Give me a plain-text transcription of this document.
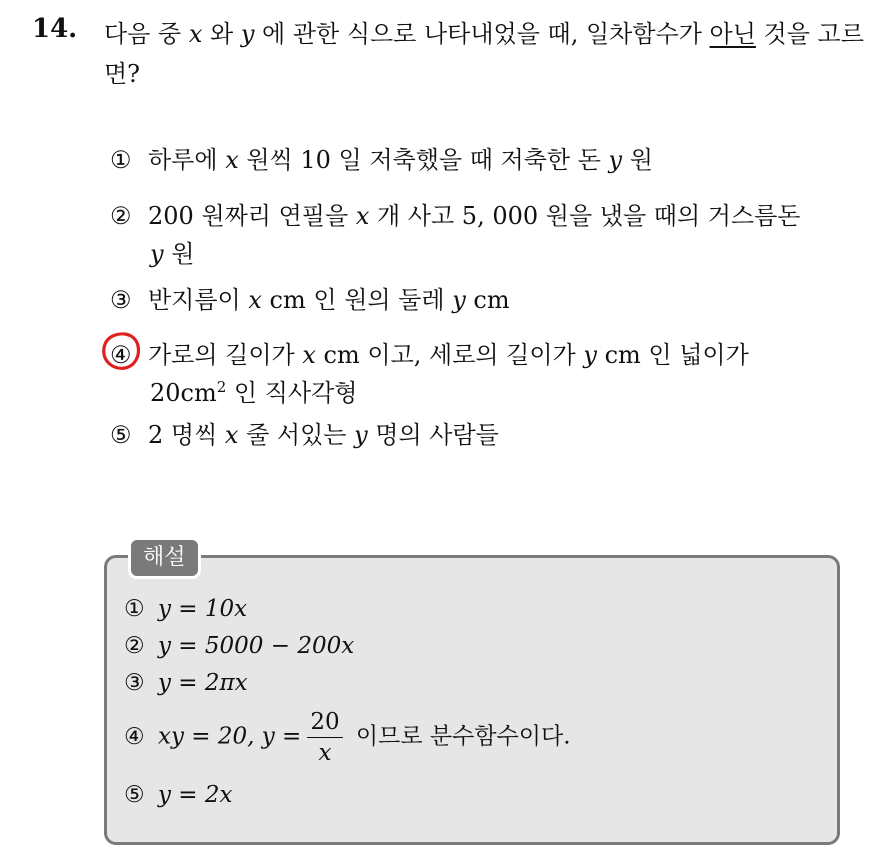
14. 다음 중 x 와 y 에 관한 식으로 나타내었을 때, 일차함수가 아닌 것을 고르면?
① 하루에 x 원씩 10 일 저축했을 때 저축한 돈 y 원
② 200 원짜리 연필을 x 개 사고 5, 000 원을 냈을 때의 거스름돈
y 원
③ 반지름이 x cm 인 원의 둘레 y cm
④ 가로의 길이가 x cm 이고, 세로의 길이가 y cm 인 넓이가
$20cm^2$ 인 직사각형
⑤ 2 명씩 x 줄 서있는 y 명의 사람들
해설
① y = 10x
② y = 5000 − 200x
③ y = 2πx
④ xy = 20, $y = \frac{20}{x}$ 이므로 분수함수이다.
⑤ y = 2x
